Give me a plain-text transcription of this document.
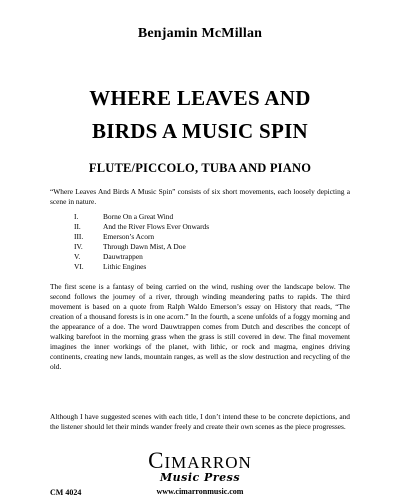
Benjamin McMillan
WHERE LEAVES AND
BIRDS A MUSIC SPIN
FLUTE/PICCOLO, TUBA AND PIANO

“Where Leaves And Birds A Music Spin” consists of six short movements, each loosely depicting a scene in nature.

I.	Borne On a Great Wind
II.	And the River Flows Ever Onwards
III.	Emerson’s Acorn
IV.	Through Dawn Mist, A Doe
V.	Dauwtrappen
VI.	Lithic Engines

The first scene is a fantasy of being carried on the wind, rushing over the landscape below. The second follows the journey of a river, through winding meandering paths to rapids. The third movement is based on a quote from Ralph Waldo Emerson’s essay on History that reads, “The creation of a thousand forests is in one acorn.” In the fourth, a scene unfolds of a foggy morning and the appearance of a doe. The word Dauwtrappen comes from Dutch and describes the concept of walking barefoot in the morning grass when the grass is still covered in dew. The final movement imagines the inner workings of the planet, with lithic, or rock and magma, engines driving continents, creating new lands, mountain ranges, as well as the slow destruction and recycling of the old.

Although I have suggested scenes with each title, I don’t intend these to be concrete depictions, and the listener should let their minds wander freely and create their own scenes as the piece progresses.

CIMARRON
Music Press
CM 4024	www.cimarronmusic.com
